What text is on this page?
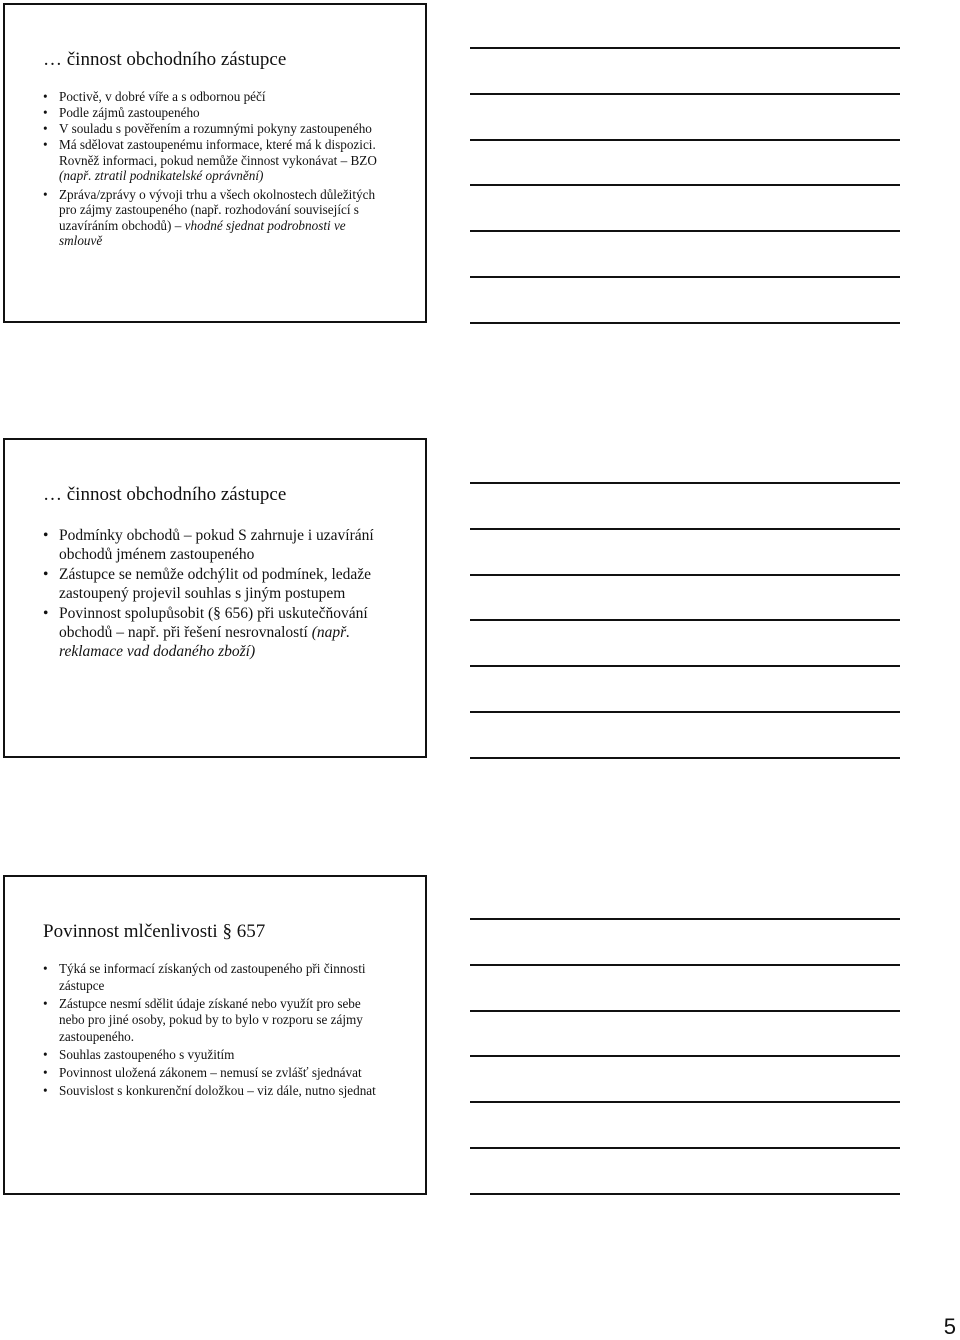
… činnost obchodního zástupce
• Poctivě, v dobré víře a s odbornou péčí
• Podle zájmů zastoupeného
• V souladu s pověřením a rozumnými pokyny zastoupeného
• Má sdělovat zastoupenému informace, které má k dispozici. Rovněž informaci, pokud nemůže činnost vykonávat – BZO (např. ztratil podnikatelské oprávnění)
• Zpráva/zprávy o vývoji trhu a všech okolnostech důležitých pro zájmy zastoupeného (např. rozhodování související s uzavíráním obchodů) – vhodné sjednat podrobnosti ve smlouvě
… činnost obchodního zástupce
• Podmínky obchodů – pokud S zahrnuje i uzavírání obchodů jménem zastoupeného
• Zástupce se nemůže odchýlit od podmínek, ledaže zastoupený projevil souhlas s jiným postupem
• Povinnost spolupůsobit (§ 656) při uskutečňování obchodů – např. při řešení nesrovnalostí (např. reklamace vad dodaného zboží)
Povinnost mlčenlivosti § 657
• Týká se informací získaných od zastoupeného při činnosti zástupce
• Zástupce nesmí sdělit údaje získané nebo využít pro sebe nebo pro jiné osoby, pokud by to bylo v rozporu se zájmy zastoupeného.
• Souhlas zastoupeného s využitím
• Povinnost uložená zákonem – nemusí se zvlášť sjednávat
• Souvislost s konkurenční doložkou – viz dále, nutno sjednat
5
